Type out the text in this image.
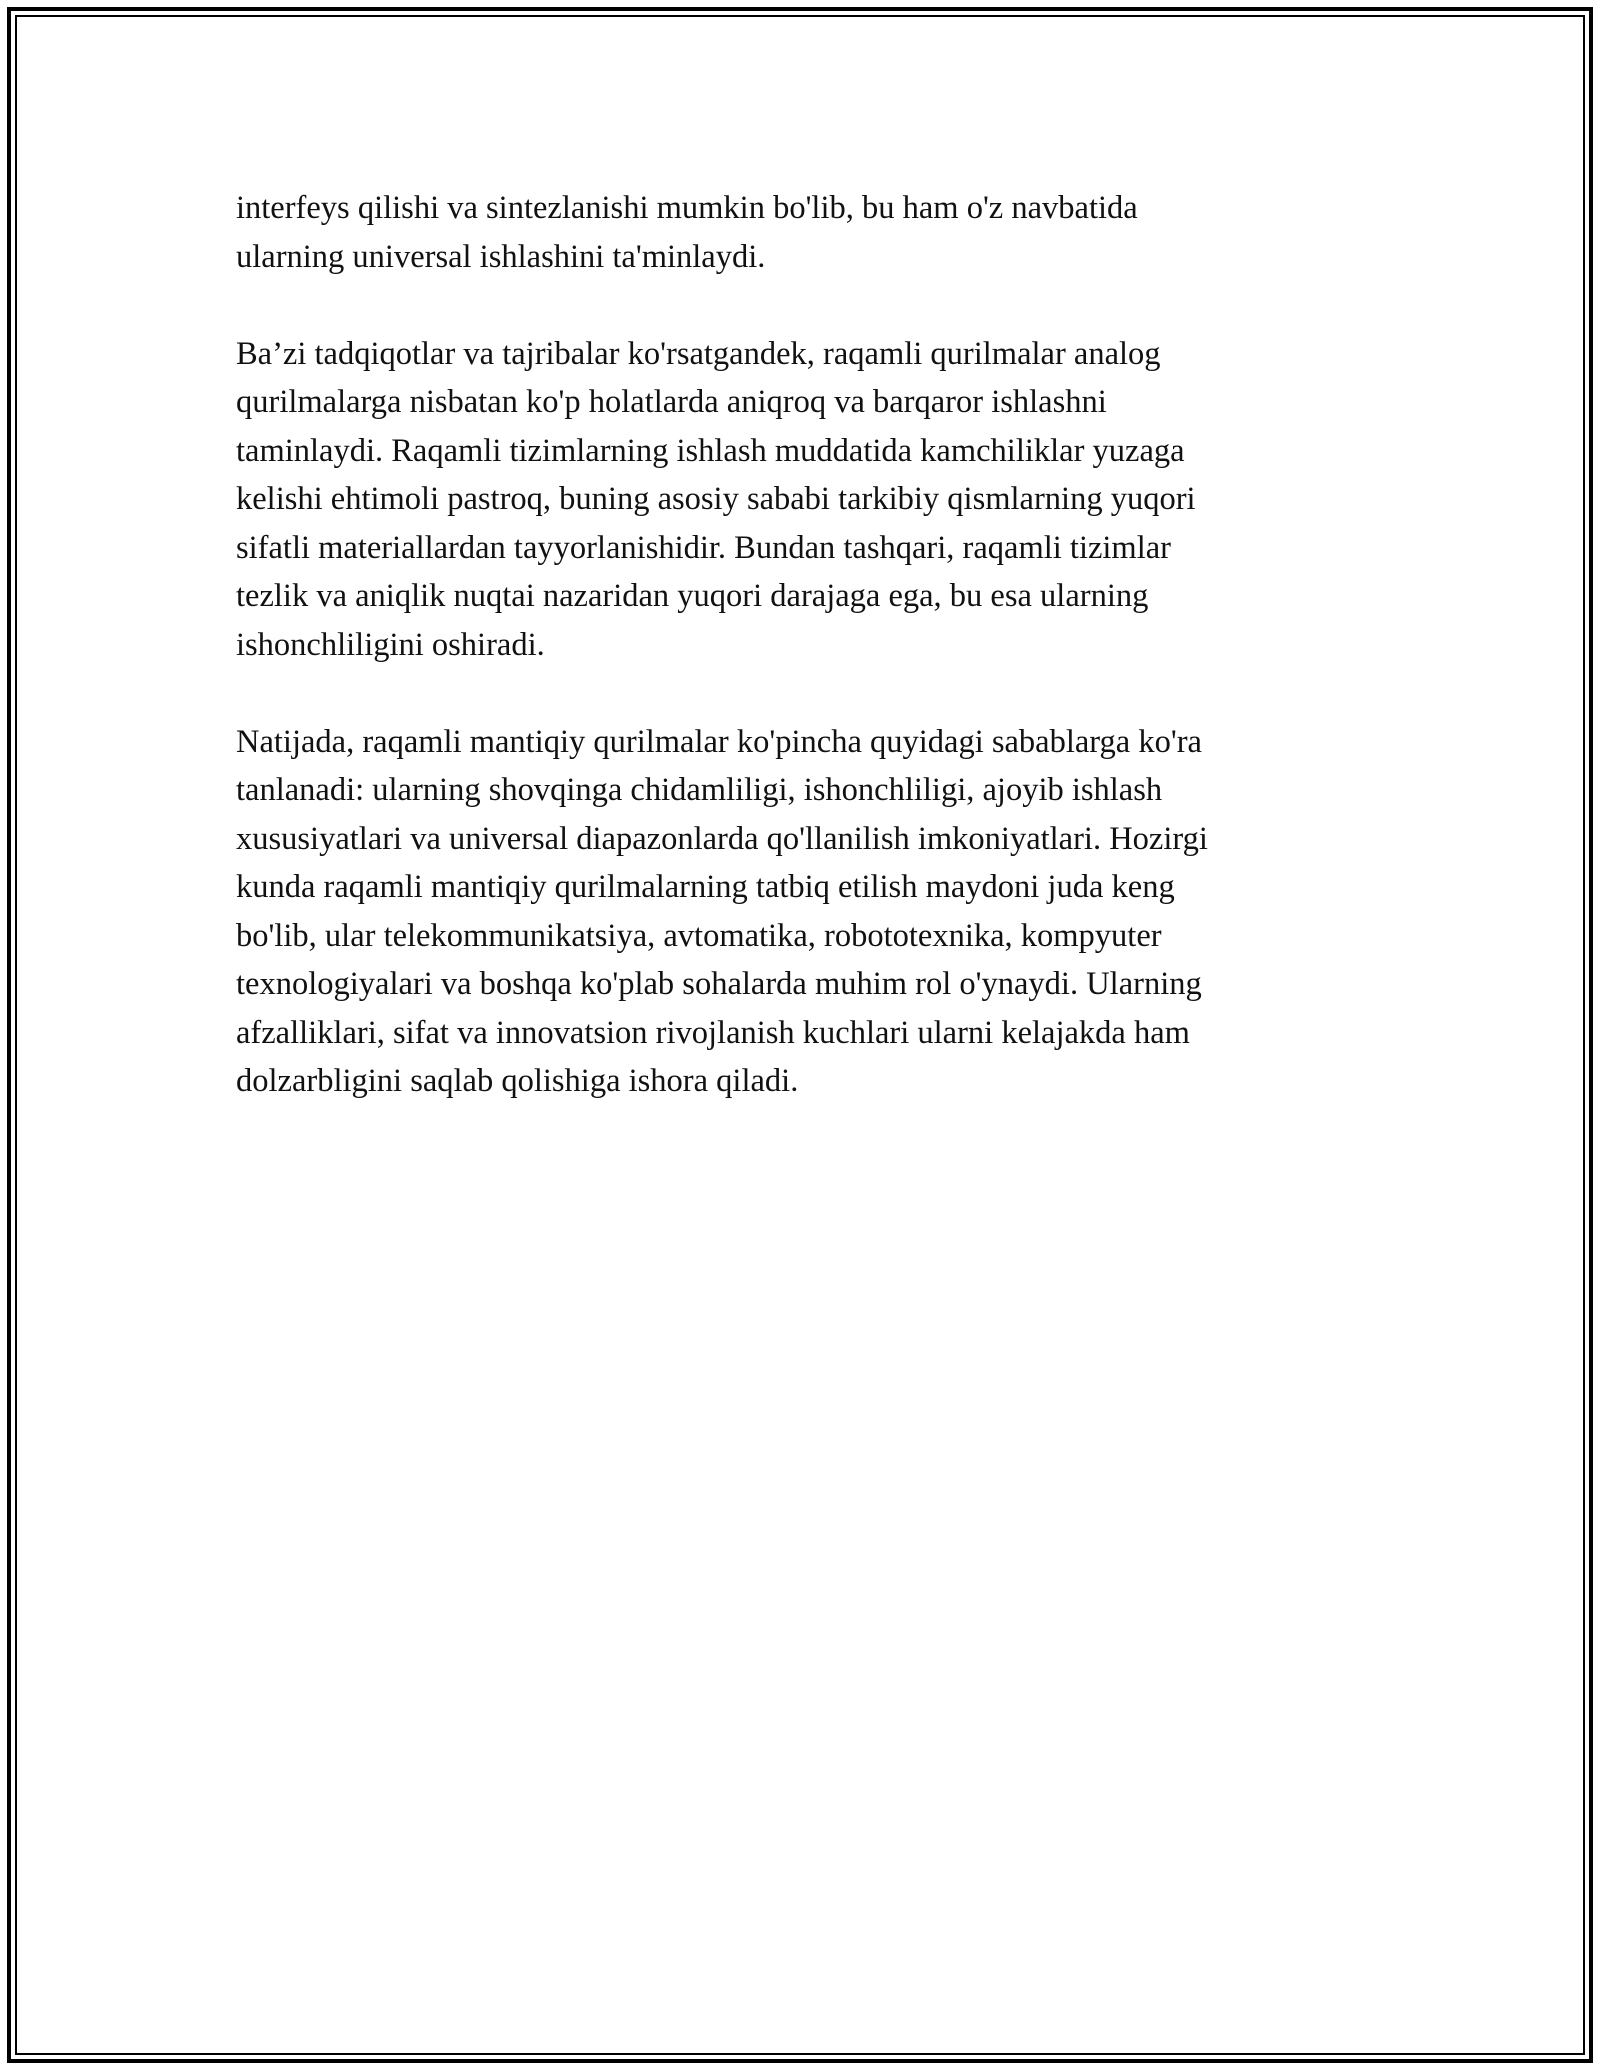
interfeys qilishi va sintezlanishi mumkin bo'lib, bu ham o'z navbatida
ularning universal ishlashini ta'minlaydi.

Ba’zi tadqiqotlar va tajribalar ko'rsatgandek, raqamli qurilmalar analog
qurilmalarga nisbatan ko'p holatlarda aniqroq va barqaror ishlashni
taminlaydi. Raqamli tizimlarning ishlash muddatida kamchiliklar yuzaga
kelishi ehtimoli pastroq, buning asosiy sababi tarkibiy qismlarning yuqori
sifatli materiallardan tayyorlanishidir. Bundan tashqari, raqamli tizimlar
tezlik va aniqlik nuqtai nazaridan yuqori darajaga ega, bu esa ularning
ishonchliligini oshiradi.

Natijada, raqamli mantiqiy qurilmalar ko'pincha quyidagi sabablarga ko'ra
tanlanadi: ularning shovqinga chidamliligi, ishonchliligi, ajoyib ishlash
xususiyatlari va universal diapazonlarda qo'llanilish imkoniyatlari. Hozirgi
kunda raqamli mantiqiy qurilmalarning tatbiq etilish maydoni juda keng
bo'lib, ular telekommunikatsiya, avtomatika, robototexnika, kompyuter
texnologiyalari va boshqa ko'plab sohalarda muhim rol o'ynaydi. Ularning
afzalliklari, sifat va innovatsion rivojlanish kuchlari ularni kelajakda ham
dolzarbligini saqlab qolishiga ishora qiladi.
